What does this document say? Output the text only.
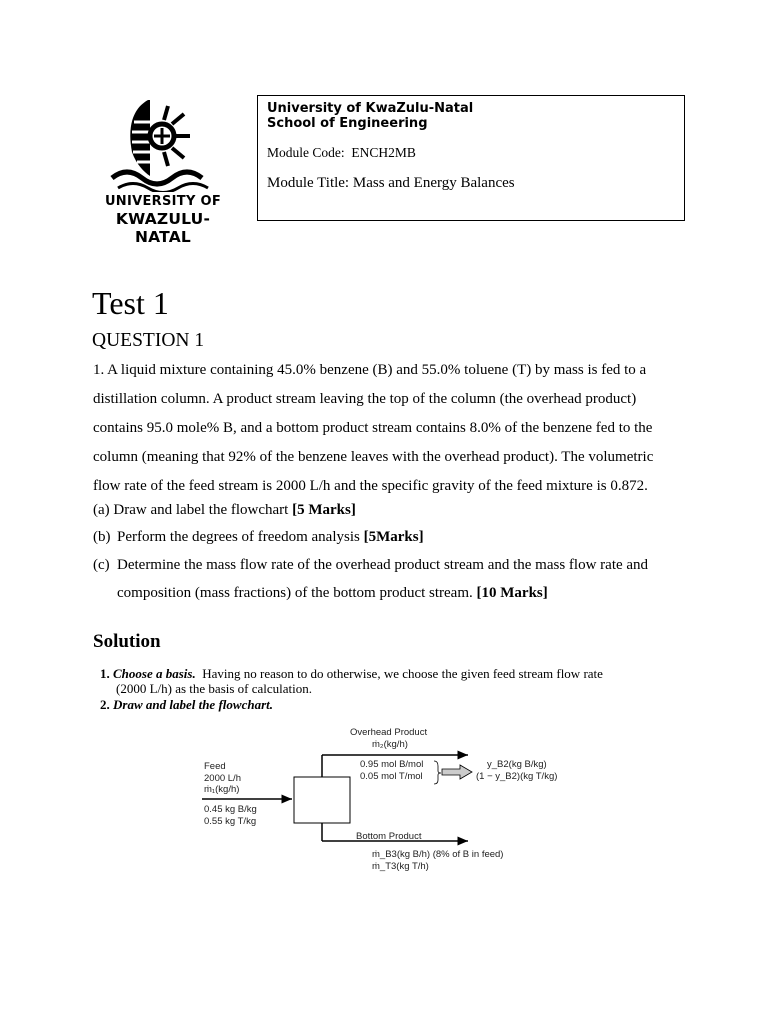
UNIVERSITY OF
KWAZULU-NATAL
University of KwaZulu-Natal
School of Engineering
Module Code: ENCH2MB
Module Title: Mass and Energy Balances
Test 1
QUESTION 1
1. A liquid mixture containing 45.0% benzene (B) and 55.0% toluene (T) by mass is fed to a
distillation column. A product stream leaving the top of the column (the overhead product)
contains 95.0 mole% B, and a bottom product stream contains 8.0% of the benzene fed to the
column (meaning that 92% of the benzene leaves with the overhead product). The volumetric
flow rate of the feed stream is 2000 L/h and the specific gravity of the feed mixture is 0.872.
(a) Draw and label the flowchart [5 Marks]
(b) Perform the degrees of freedom analysis [5Marks]
(c) Determine the mass flow rate of the overhead product stream and the mass flow rate and
composition (mass fractions) of the bottom product stream. [10 Marks]
Solution
1. Choose a basis. Having no reason to do otherwise, we choose the given feed stream flow rate
(2000 L/h) as the basis of calculation.
2. Draw and label the flowchart.
Overhead Product
ṁ₂(kg/h)
0.95 mol B/mol
0.05 mol T/mol
y_B2(kg B/kg)
(1 − y_B2)(kg T/kg)
Feed
2000 L/h
ṁ₁(kg/h)
0.45 kg B/kg
0.55 kg T/kg
Bottom Product
ṁ_B3(kg B/h) (8% of B in feed)
ṁ_T3(kg T/h)
